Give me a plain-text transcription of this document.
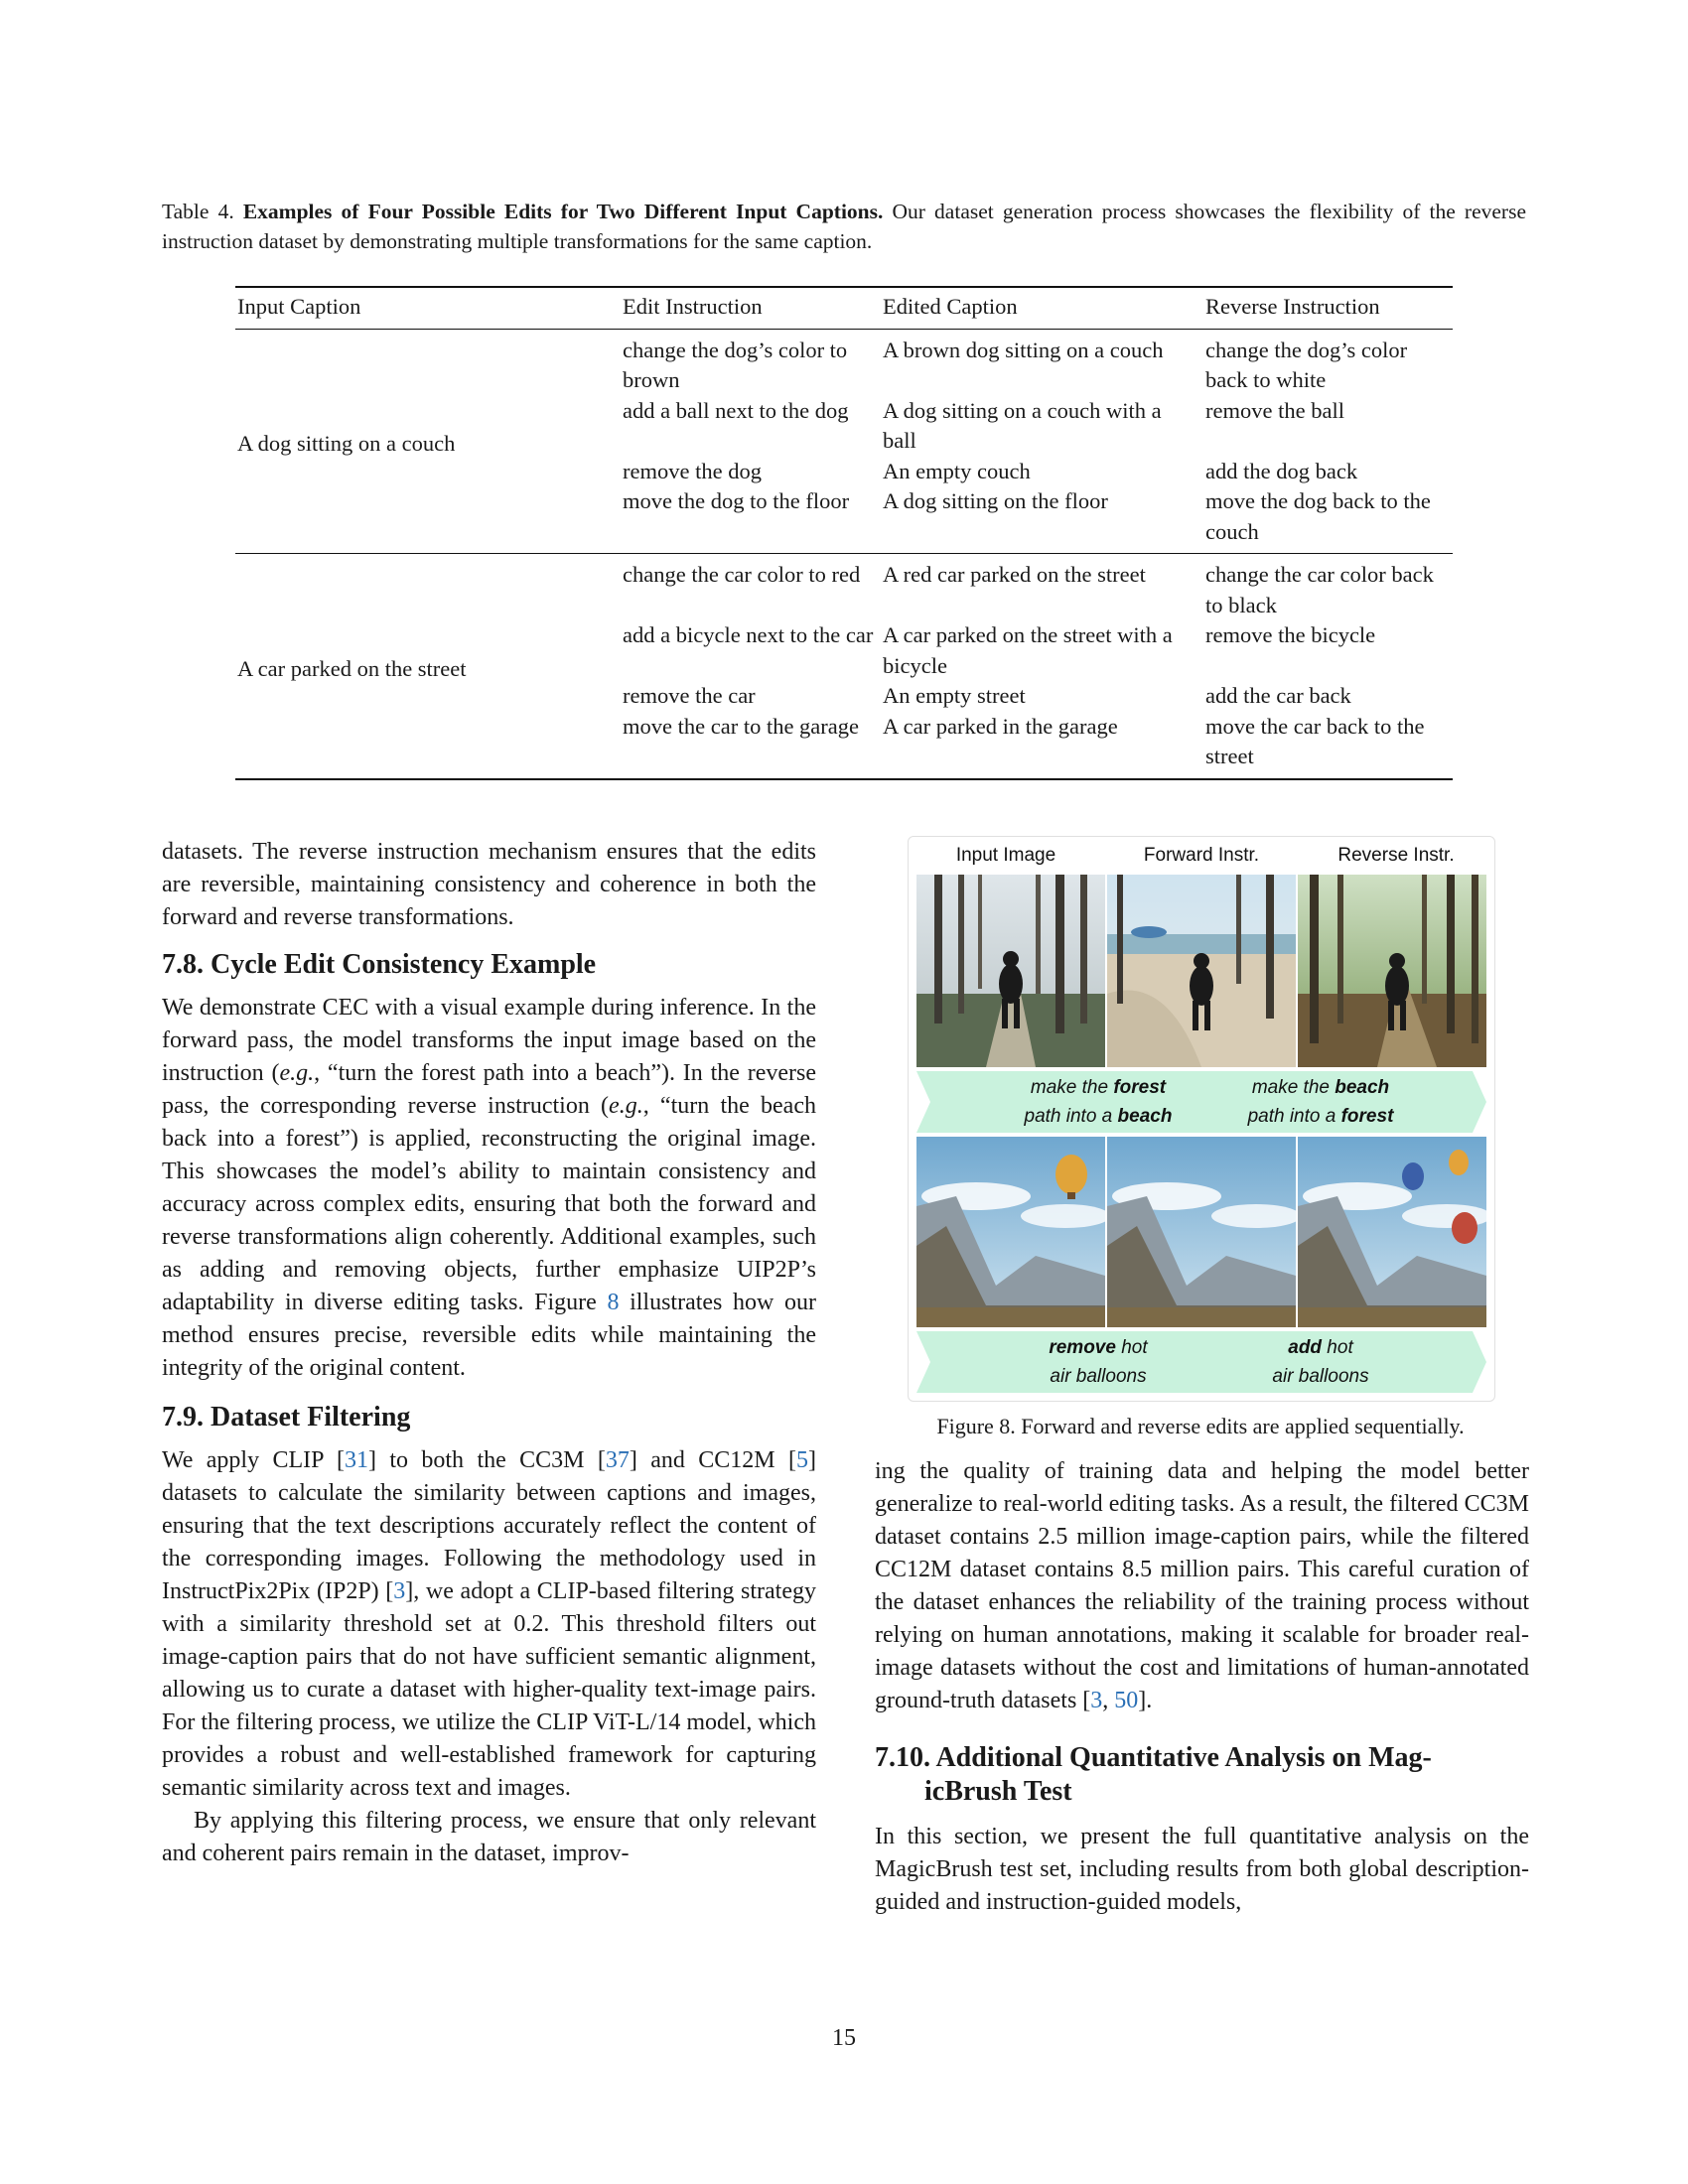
Table 4. Examples of Four Possible Edits for Two Different Input Captions. Our dataset generation process showcases the flexibility of the reverse instruction dataset by demonstrating multiple transformations for the same caption.
Input Caption	Edit Instruction	Edited Caption	Reverse Instruction
A dog sitting on a couch	change the dog’s color to brown	A brown dog sitting on a couch	change the dog’s color back to white
	add a ball next to the dog	A dog sitting on a couch with a ball	remove the ball
	remove the dog	An empty couch	add the dog back
	move the dog to the floor	A dog sitting on the floor	move the dog back to the couch
A car parked on the street	change the car color to red	A red car parked on the street	change the car color back to black
	add a bicycle next to the car	A car parked on the street with a bicycle	remove the bicycle
	remove the car	An empty street	add the car back
	move the car to the garage	A car parked in the garage	move the car back to the street

datasets. The reverse instruction mechanism ensures that the edits are reversible, maintaining consistency and coherence in both the forward and reverse transformations.

7.8. Cycle Edit Consistency Example

We demonstrate CEC with a visual example during inference. In the forward pass, the model transforms the input image based on the instruction (e.g., “turn the forest path into a beach”). In the reverse pass, the corresponding reverse instruction (e.g., “turn the beach back into a forest”) is applied, reconstructing the original image. This showcases the model’s ability to maintain consistency and accuracy across complex edits, ensuring that both the forward and reverse transformations align coherently. Additional examples, such as adding and removing objects, further emphasize UIP2P’s adaptability in diverse editing tasks. Figure 8 illustrates how our method ensures precise, reversible edits while maintaining the integrity of the original content.

7.9. Dataset Filtering

We apply CLIP [31] to both the CC3M [37] and CC12M [5] datasets to calculate the similarity between captions and images, ensuring that the text descriptions accurately reflect the content of the corresponding images. Following the methodology used in InstructPix2Pix (IP2P) [3], we adopt a CLIP-based filtering strategy with a similarity threshold set at 0.2. This threshold filters out image-caption pairs that do not have sufficient semantic alignment, allowing us to curate a dataset with higher-quality text-image pairs. For the filtering process, we utilize the CLIP ViT-L/14 model, which provides a robust and well-established framework for capturing semantic similarity across text and images.

By applying this filtering process, we ensure that only relevant and coherent pairs remain in the dataset, improv-

Input Image	Forward Instr.	Reverse Instr.
make the forest
path into a beach
make the beach
path into a forest
remove hot
air balloons
add hot
air balloons
Figure 8. Forward and reverse edits are applied sequentially.

ing the quality of training data and helping the model better generalize to real-world editing tasks. As a result, the filtered CC3M dataset contains 2.5 million image-caption pairs, while the filtered CC12M dataset contains 8.5 million pairs. This careful curation of the dataset enhances the reliability of the training process without relying on human annotations, making it scalable for broader real-image datasets without the cost and limitations of human-annotated ground-truth datasets [3, 50].

7.10. Additional Quantitative Analysis on Mag-
icBrush Test

In this section, we present the full quantitative analysis on the MagicBrush test set, including results from both global description-guided and instruction-guided models,

15
